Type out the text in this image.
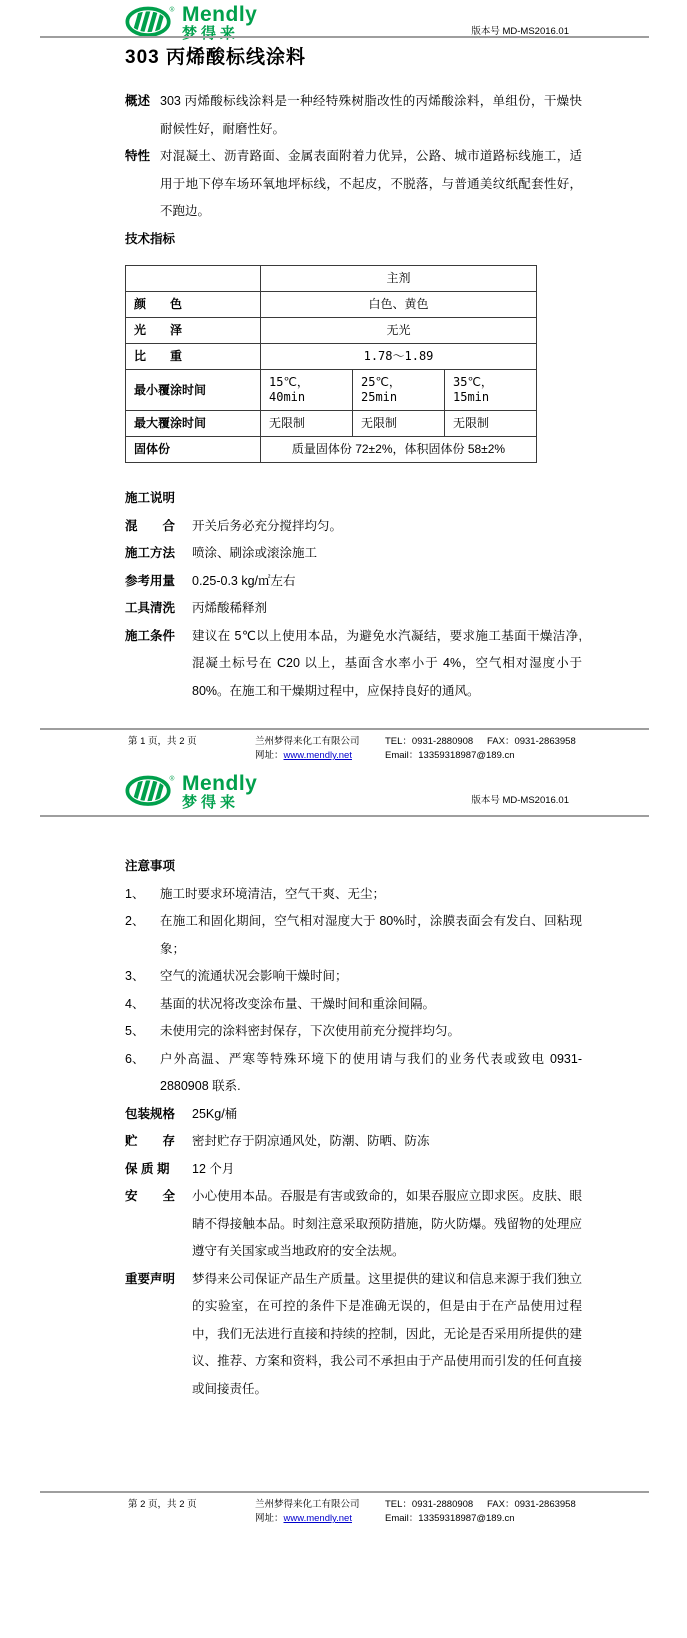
® Mendly
梦得来	版本号 MD-MS2016.01
303 丙烯酸标线涂料
概述 303 丙烯酸标线涂料是一种经特殊树脂改性的丙烯酸涂料，单组份，干燥快耐候性好，耐磨性好。
特性 对混凝土、沥青路面、金属表面附着力优异，公路、城市道路标线施工，适用于地下停车场环氧地坪标线，不起皮，不脱落，与普通美纹纸配套性好，不跑边。
技术指标
	主剂		
颜　　色	白色、黄色		
光　　泽	无光		
比　　重	1.78～1.89		
最小覆涂时间	15℃，40min	25℃，25min	35℃，15min
最大覆涂时间	无限制	无限制	无限制
固体份	质量固体份 72±2%，体积固体份 58±2%		
施工说明
混　　合	开关后务必充分搅拌均匀。
施工方法	喷涂、刷涂或滚涂施工
参考用量	0.25-0.3 kg/㎡左右
工具清洗	丙烯酸稀释剂
施工条件	建议在 5℃以上使用本品，为避免水汽凝结，要求施工基面干燥洁净,混凝土标号在 C20 以上，基面含水率小于 4%，空气相对湿度小于 80%。在施工和干燥期过程中，应保持良好的通风。
第 1 页，共 2 页	兰州梦得来化工有限公司	TEL：0931-2880908	FAX：0931-2863958
网址：www.mendly.net	Email：13359318987@189.cn
® Mendly
梦得来	版本号 MD-MS2016.01
注意事项
1、	施工时要求环境清洁，空气干爽、无尘；
2、	在施工和固化期间，空气相对湿度大于 80%时，涂膜表面会有发白、回粘现象；
3、	空气的流通状况会影响干燥时间；
4、	基面的状况将改变涂布量、干燥时间和重涂间隔。
5、	未使用完的涂料密封保存，下次使用前充分搅拌均匀。
6、	户外高温、严寒等特殊环境下的使用请与我们的业务代表或致电 0931-2880908 联系.
包装规格	25Kg/桶
贮　　存	密封贮存于阴凉通风处，防潮、防晒、防冻
保 质 期	12 个月
安　　全	小心使用本品。吞服是有害或致命的，如果吞服应立即求医。皮肤、眼睛不得接触本品。时刻注意采取预防措施，防火防爆。残留物的处理应遵守有关国家或当地政府的安全法规。
重要声明	梦得来公司保证产品生产质量。这里提供的建议和信息来源于我们独立的实验室，在可控的条件下是准确无误的，但是由于在产品使用过程中，我们无法进行直接和持续的控制，因此，无论是否采用所提供的建议、推荐、方案和资料，我公司不承担由于产品使用而引发的任何直接或间接责任。
第 2 页，共 2 页	兰州梦得来化工有限公司	TEL：0931-2880908	FAX：0931-2863958
网址：www.mendly.net	Email：13359318987@189.cn
